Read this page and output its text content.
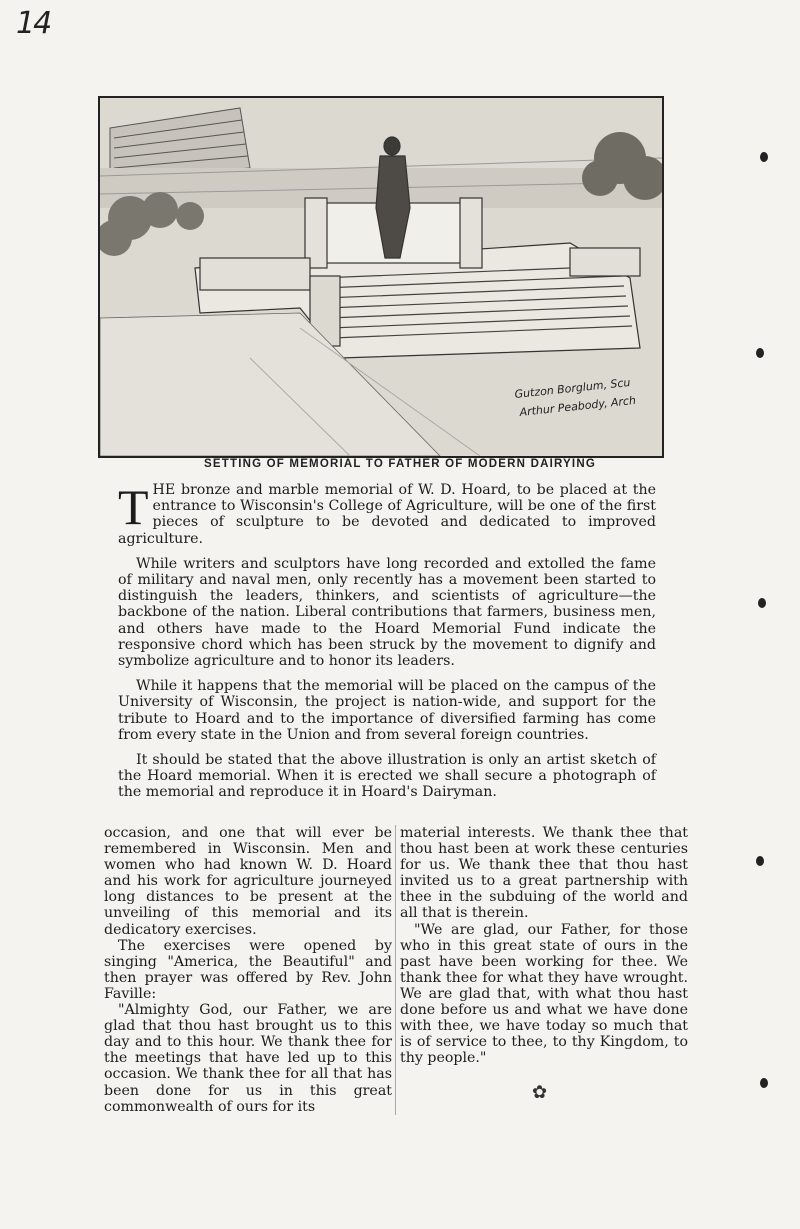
14
Gutzon Borglum, Scu
Arthur Peabody, Arch
SETTING OF MEMORIAL TO FATHER OF MODERN DAIRYING

THE bronze and marble memorial of W. D. Hoard, to be placed at the entrance to Wisconsin's College of Agriculture, will be one of the first pieces of sculpture to be devoted and dedicated to improved agriculture.

While writers and sculptors have long recorded and extolled the fame of military and naval men, only recently has a movement been started to distinguish the leaders, thinkers, and scientists of agriculture—the backbone of the nation. Liberal contributions that farmers, business men, and others have made to the Hoard Memorial Fund indicate the responsive chord which has been struck by the movement to dignify and symbolize agriculture and to honor its leaders.

While it happens that the memorial will be placed on the campus of the University of Wisconsin, the project is nation-wide, and support for the tribute to Hoard and to the importance of diversified farming has come from every state in the Union and from several foreign countries.

It should be stated that the above illustration is only an artist sketch of the Hoard memorial. When it is erected we shall secure a photograph of the memorial and reproduce it in Hoard's Dairyman.

occasion, and one that will ever be remembered in Wisconsin. Men and women who had known W. D. Hoard and his work for agriculture journeyed long distances to be present at the unveiling of this memorial and its dedicatory exercises.

The exercises were opened by singing "America, the Beautiful" and then prayer was offered by Rev. John Faville:

"Almighty God, our Father, we are glad that thou hast brought us to this day and to this hour. We thank thee for the meetings that have led up to this occasion. We thank thee for all that has been done for us in this great commonwealth of ours for its

material interests. We thank thee that thou hast been at work these centuries for us. We thank thee that thou hast invited us to a great partnership with thee in the subduing of the world and all that is therein.

"We are glad, our Father, for those who in this great state of ours in the past have been working for thee. We thank thee for what they have wrought. We are glad that, with what thou hast done before us and what we have done with thee, we have today so much that is of service to thee, to thy Kingdom, to thy people."

✿
